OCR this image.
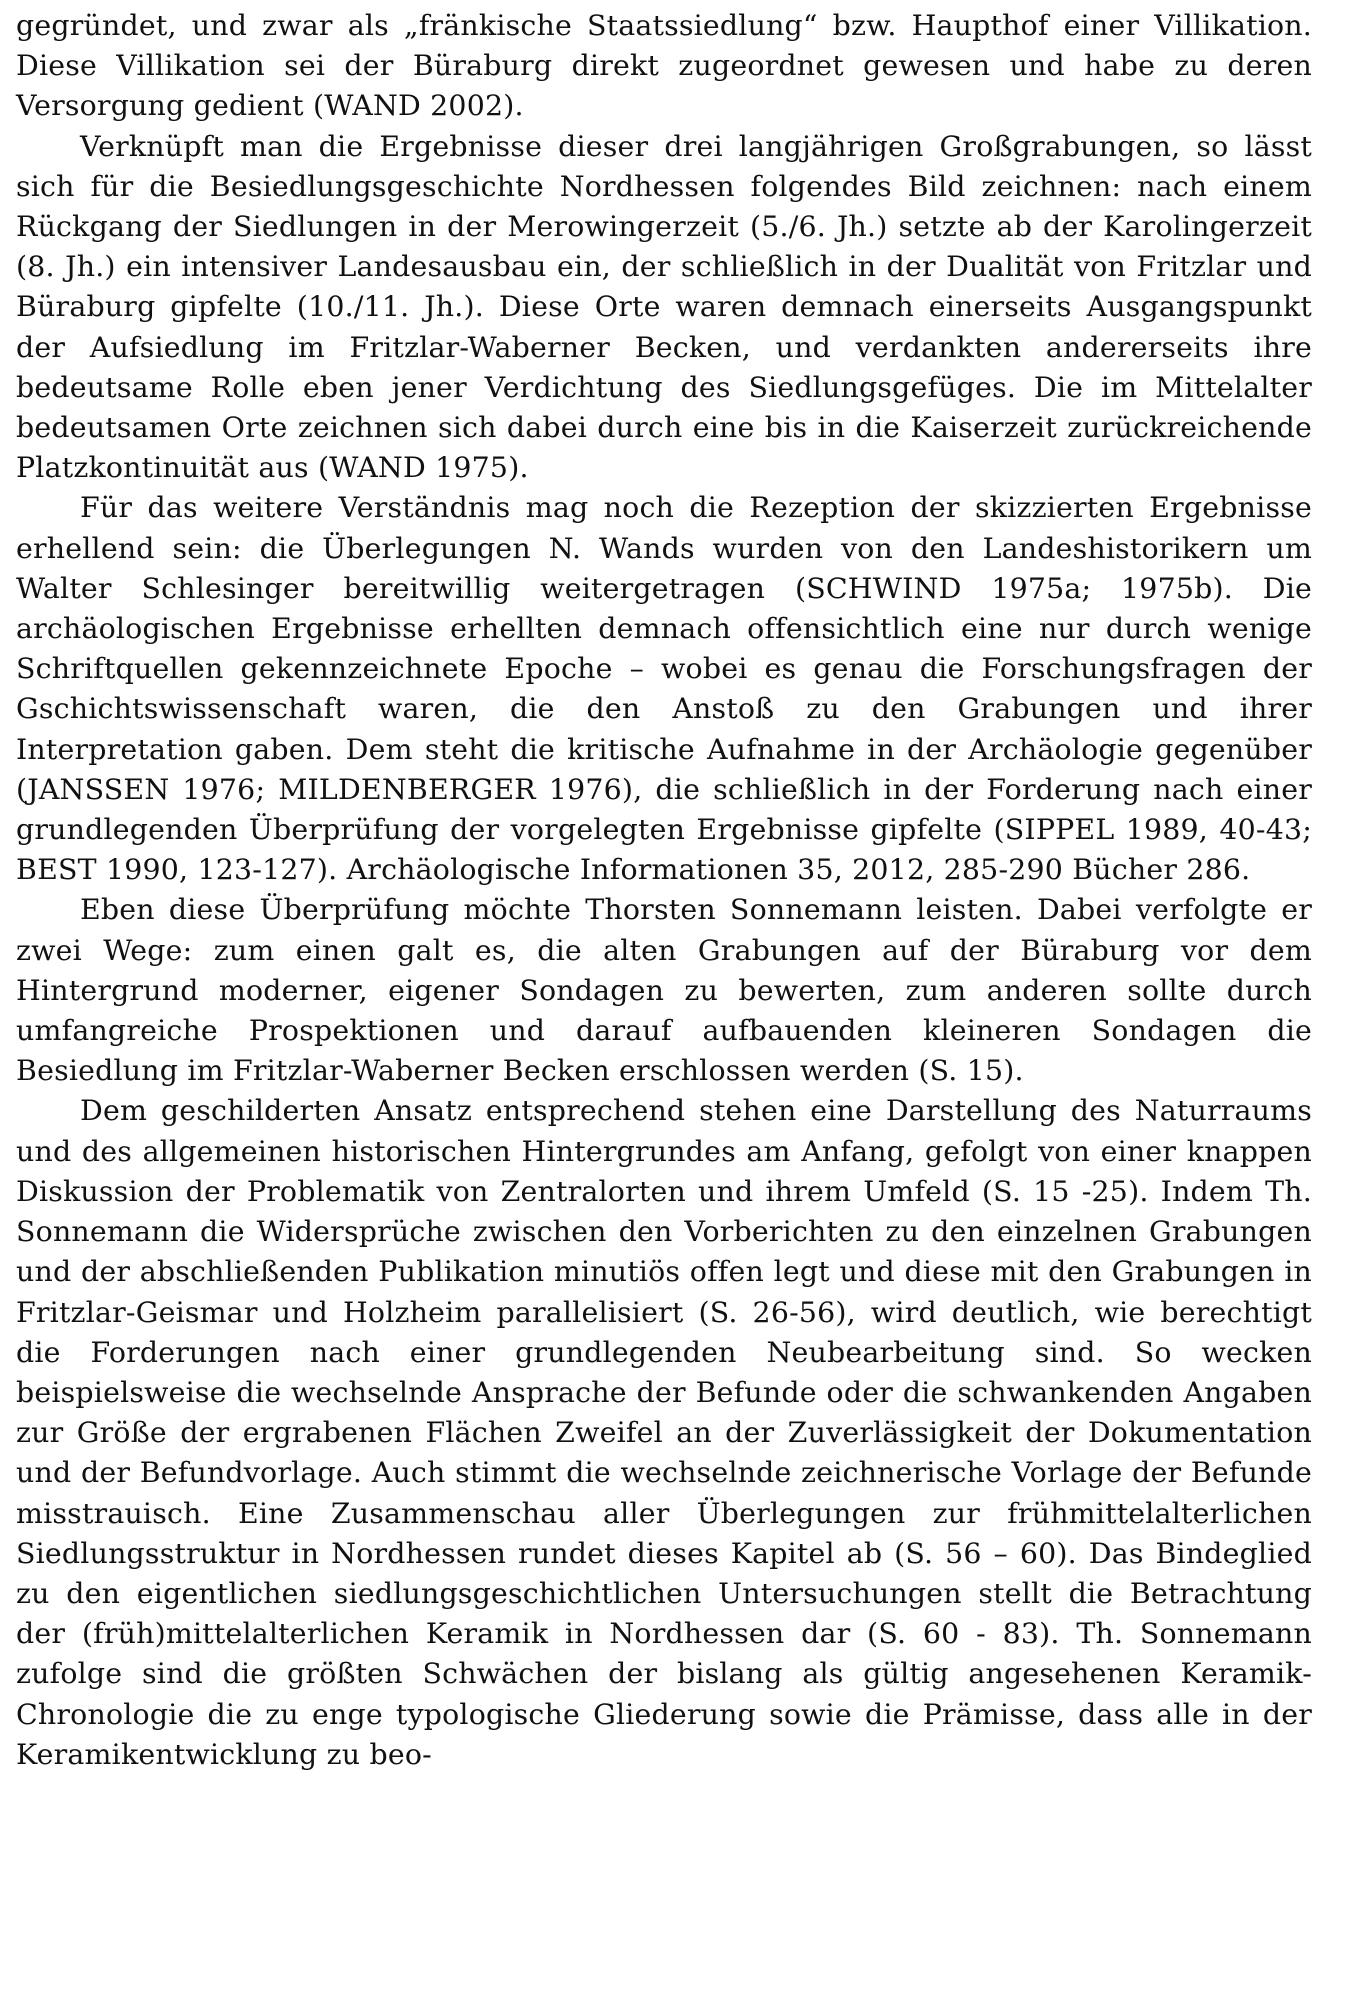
gegründet, und zwar als „fränkische Staatssiedlung“ bzw. Haupthof einer Villikation. Diese Villikation sei der Büraburg direkt zugeordnet gewesen und habe zu deren Versorgung gedient (WAND 2002).

Verknüpft man die Ergebnisse dieser drei langjährigen Großgrabungen, so lässt sich für die Besiedlungsgeschichte Nordhessen folgendes Bild zeichnen: nach einem Rückgang der Siedlungen in der Merowingerzeit (5./6. Jh.) setzte ab der Karolingerzeit (8. Jh.) ein intensiver Landesausbau ein, der schließlich in der Dualität von Fritzlar und Büraburg gipfelte (10./11. Jh.). Diese Orte waren demnach einerseits Ausgangspunkt der Aufsiedlung im Fritzlar-Waberner Becken, und verdankten andererseits ihre bedeutsame Rolle eben jener Verdichtung des Siedlungsgefüges. Die im Mittelalter bedeutsamen Orte zeichnen sich dabei durch eine bis in die Kaiserzeit zurückreichende Platzkontinuität aus (WAND 1975).

Für das weitere Verständnis mag noch die Rezeption der skizzierten Ergebnisse erhellend sein: die Überlegungen N. Wands wurden von den Landeshistorikern um Walter Schlesinger bereitwillig weitergetragen (SCHWIND 1975a; 1975b). Die archäologischen Ergebnisse erhellten demnach offensichtlich eine nur durch wenige Schriftquellen gekennzeichnete Epoche – wobei es genau die Forschungsfragen der Gschichtswissenschaft waren, die den Anstoß zu den Grabungen und ihrer Interpretation gaben. Dem steht die kritische Aufnahme in der Archäologie gegenüber (JANSSEN 1976; MILDENBERGER 1976), die schließlich in der Forderung nach einer grundlegenden Überprüfung der vorgelegten Ergebnisse gipfelte (SIPPEL 1989, 40-43; BEST 1990, 123-127). Archäologische Informationen 35, 2012, 285-290 Bücher 286.

Eben diese Überprüfung möchte Thorsten Sonnemann leisten. Dabei verfolgte er zwei Wege: zum einen galt es, die alten Grabungen auf der Büraburg vor dem Hintergrund moderner, eigener Sondagen zu bewerten, zum anderen sollte durch umfangreiche Prospektionen und darauf aufbauenden kleineren Sondagen die Besiedlung im Fritzlar-Waberner Becken erschlossen werden (S. 15).

Dem geschilderten Ansatz entsprechend stehen eine Darstellung des Naturraums und des allgemeinen historischen Hintergrundes am Anfang, gefolgt von einer knappen Diskussion der Problematik von Zentralorten und ihrem Umfeld (S. 15 -25). Indem Th. Sonnemann die Widersprüche zwischen den Vorberichten zu den einzelnen Grabungen und der abschließenden Publikation minutiös offen legt und diese mit den Grabungen in Fritzlar-Geismar und Holzheim parallelisiert (S. 26-56), wird deutlich, wie berechtigt die Forderungen nach einer grundlegenden Neubearbeitung sind. So wecken beispielsweise die wechselnde Ansprache der Befunde oder die schwankenden Angaben zur Größe der ergrabenen Flächen Zweifel an der Zuverlässigkeit der Dokumentation und der Befundvorlage. Auch stimmt die wechselnde zeichnerische Vorlage der Befunde misstrauisch. Eine Zusammenschau aller Überlegungen zur frühmittelalterlichen Siedlungsstruktur in Nordhessen rundet dieses Kapitel ab (S. 56 – 60). Das Bindeglied zu den eigentlichen siedlungsgeschichtlichen Untersuchungen stellt die Betrachtung der (früh)mittelalterlichen Keramik in Nordhessen dar (S. 60 - 83). Th. Sonnemann zufolge sind die größten Schwächen der bislang als gültig angesehenen Keramik-Chronologie die zu enge typologische Gliederung sowie die Prämisse, dass alle in der Keramikentwicklung zu beo-
